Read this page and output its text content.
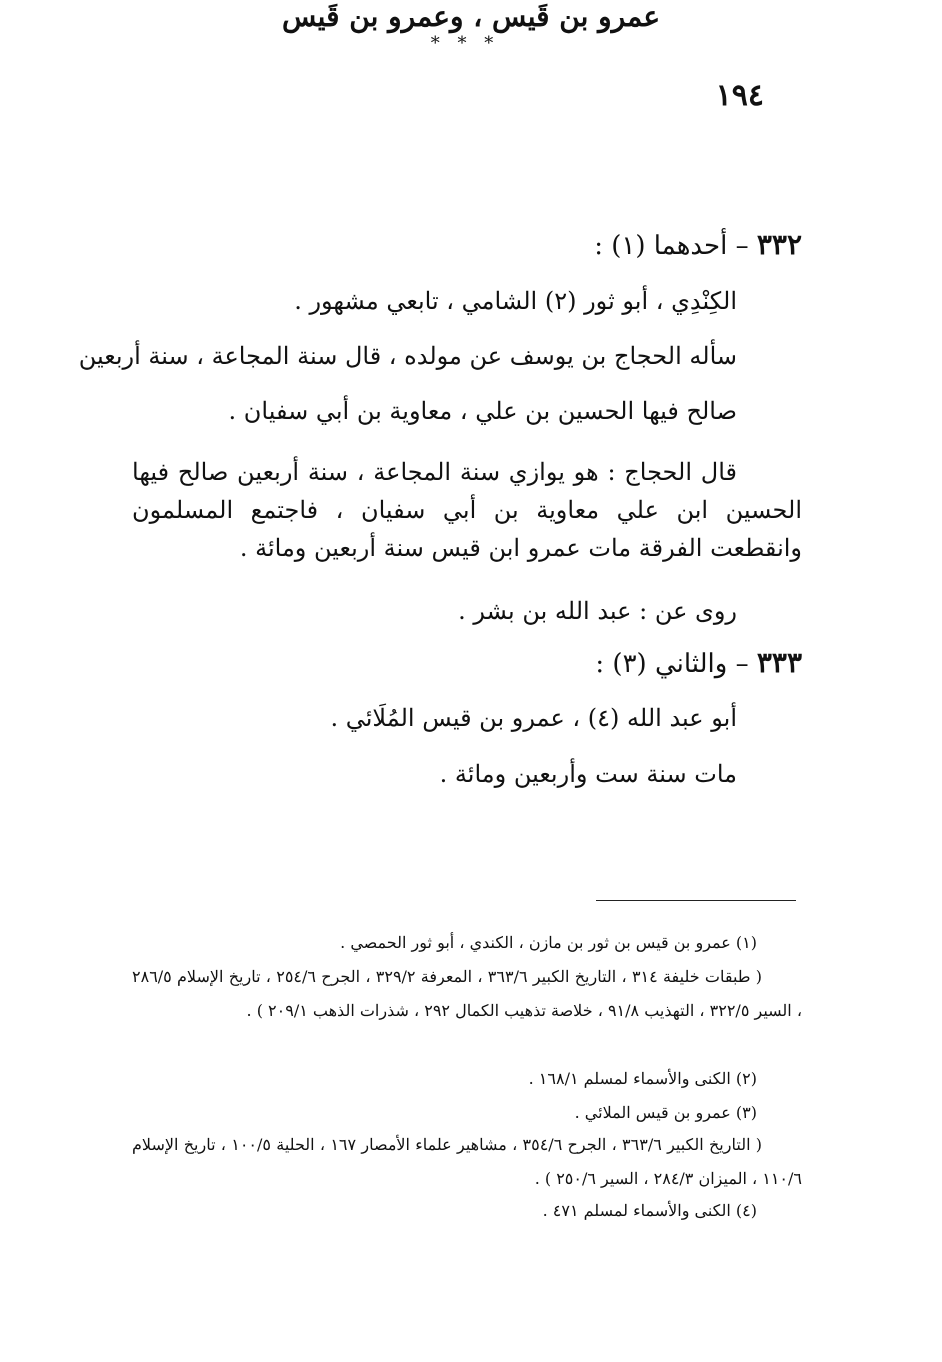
١٩٤
عمرو بن قَيس ، وعمرو بن قَيس
٣٣٢ – أحدهما (١) :
الكِنْدِي ، أبو ثور (٢) الشامي ، تابعي مشهور .
سأله الحجاج بن يوسف عن مولده ، قال سنة المجاعة ، سنة أربعين
صالح فيها الحسين بن علي ، معاوية بن أبي سفيان .
قال الحجاج : هو يوازي سنة المجاعة ، سنة أربعين صالح فيها الحسين ابن علي معاوية بن أبي سفيان ، فاجتمع المسلمون وانقطعت الفرقة مات عمرو ابن قيس سنة أربعين ومائة .
روى عن : عبد الله بن بشر .
٣٣٣ – والثاني (٣) :
أبو عبد الله (٤) ، عمرو بن قيس المُلَائي .
مات سنة ست وأربعين ومائة .
* * *
(١) عمرو بن قيس بن ثور بن مازن ، الكندي ، أبو ثور الحمصي .
( طبقات خليفة ٣١٤ ، التاريخ الكبير ٣٦٣/٦ ، المعرفة ٣٢٩/٢ ، الجرح ٢٥٤/٦ ، تاريخ الإسلام ٢٨٦/٥ ، السير ٣٢٢/٥ ، التهذيب ٩١/٨ ، خلاصة تذهيب الكمال ٢٩٢ ، شذرات الذهب ٢٠٩/١ ) .
(٢) الكنى والأسماء لمسلم ١٦٨/١ .
(٣) عمرو بن قيس الملائي .
( التاريخ الكبير ٣٦٣/٦ ، الجرح ٣٥٤/٦ ، مشاهير علماء الأمصار ١٦٧ ، الحلية ١٠٠/٥ ، تاريخ الإسلام ١١٠/٦ ، الميزان ٢٨٤/٣ ، السير ٢٥٠/٦ ) .
(٤) الكنى والأسماء لمسلم ٤٧١ .
